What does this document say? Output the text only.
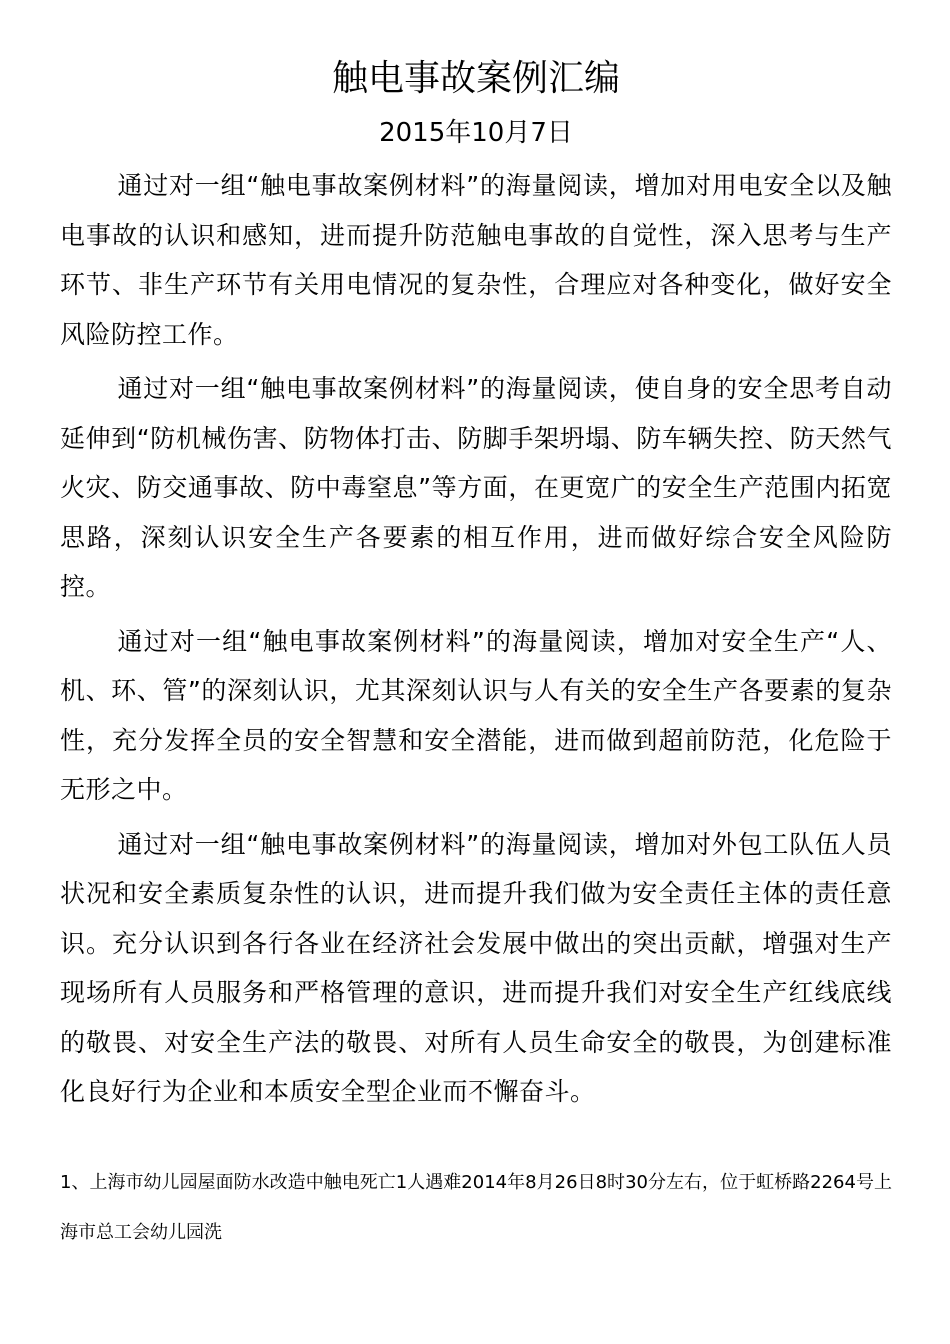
触电事故案例汇编
2015年10月7日

通过对一组“触电事故案例材料”的海量阅读，增加对用电安全以及触电事故的认识和感知，进而提升防范触电事故的自觉性，深入思考与生产环节、非生产环节有关用电情况的复杂性，合理应对各种变化，做好安全风险防控工作。

通过对一组“触电事故案例材料”的海量阅读，使自身的安全思考自动延伸到“防机械伤害、防物体打击、防脚手架坍塌、防车辆失控、防天然气火灾、防交通事故、防中毒窒息”等方面，在更宽广的安全生产范围内拓宽思路，深刻认识安全生产各要素的相互作用，进而做好综合安全风险防控。

通过对一组“触电事故案例材料”的海量阅读，增加对安全生产“人、机、环、管”的深刻认识，尤其深刻认识与人有关的安全生产各要素的复杂性，充分发挥全员的安全智慧和安全潜能，进而做到超前防范，化危险于无形之中。

通过对一组“触电事故案例材料”的海量阅读，增加对外包工队伍人员状况和安全素质复杂性的认识，进而提升我们做为安全责任主体的责任意识。充分认识到各行各业在经济社会发展中做出的突出贡献，增强对生产现场所有人员服务和严格管理的意识，进而提升我们对安全生产红线底线的敬畏、对安全生产法的敬畏、对所有人员生命安全的敬畏，为创建标准化良好行为企业和本质安全型企业而不懈奋斗。

1、上海市幼儿园屋面防水改造中触电死亡1人遇难2014年8月26日8时30分左右，位于虹桥路2264号上海市总工会幼儿园洗
